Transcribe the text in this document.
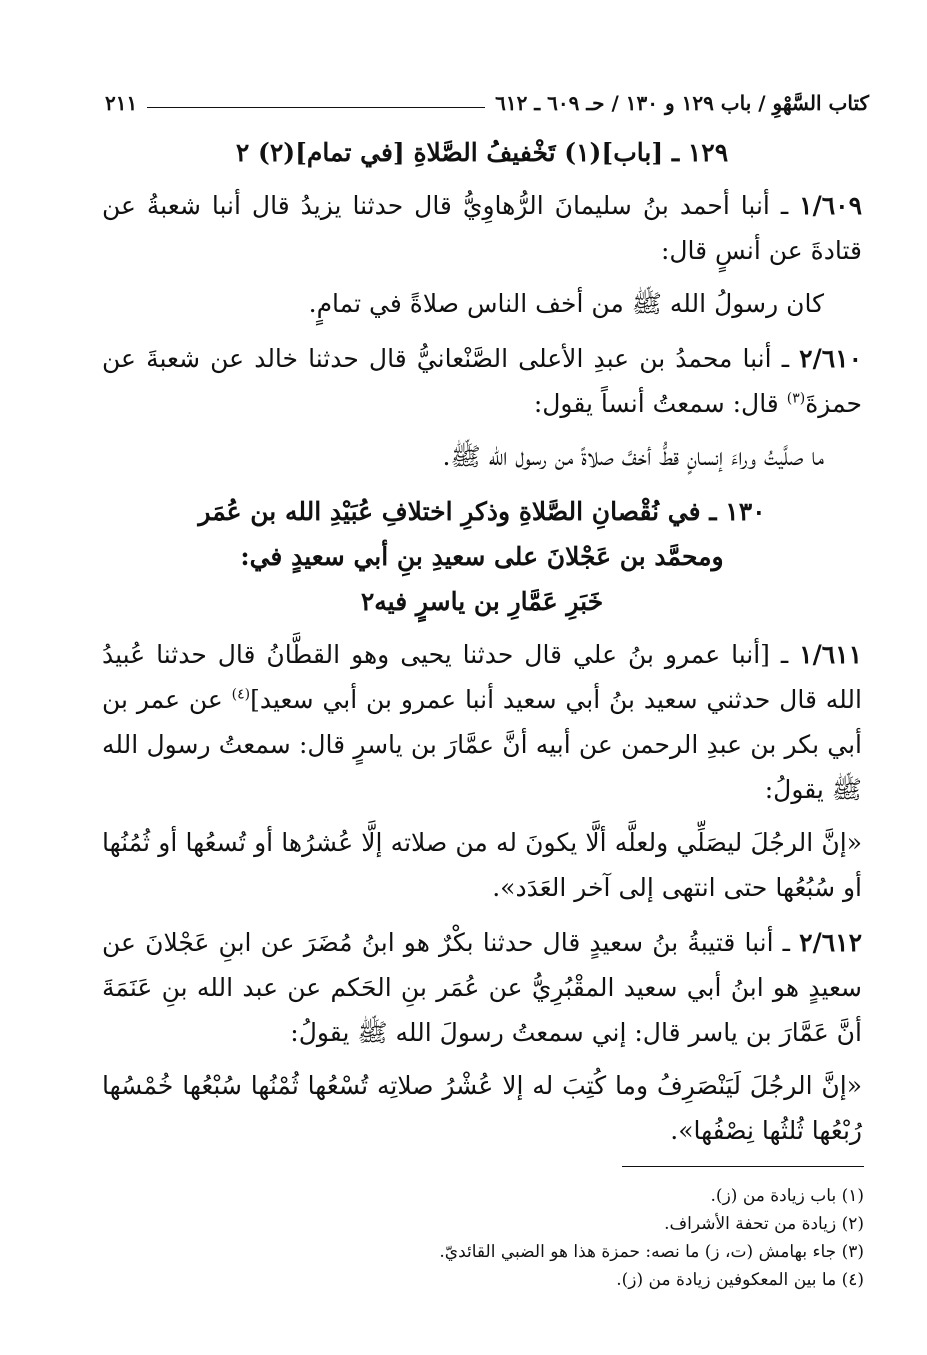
كتاب السَّهْوِ / باب ١٢٩ و ١٣٠ / حـ ٦٠٩ ـ ٦١٢
٢١١
١٢٩ ـ [باب](١) تَخْفيفُ الصَّلاةِ [في تمام](٢) ٢
١/٦٠٩ ـ أنبا أحمد بنُ سليمانَ الرُّهاوِيُّ قال حدثنا يزيدُ قال أنبا شعبةُ عن قتادةَ عن أنسٍ قال:
كان رسولُ الله ﷺ من أخف الناس صلاةً في تمامٍ.
٢/٦١٠ ـ أنبا محمدُ بن عبدِ الأعلى الصَّنْعانيُّ قال حدثنا خالد عن شعبةَ عن حمزةَ$^{(٣)}$ قال: سمعتُ أنساً يقول:
ما صلَّيتُ وراءَ إنسانٍ قطُّ أخفَّ صلاةً من رسول الله ﷺ.
١٣٠ ـ في نُقْصانِ الصَّلاةِ وذكرِ اختلافِ عُبَيْدِ الله بن عُمَر
ومحمَّد بن عَجْلانَ على سعيدِ بنِ أبي سعيدٍ في:
خَبَرِ عَمَّارِ بن ياسرٍ فيه٢
١/٦١١ ـ [أنبا عمرو بنُ علي قال حدثنا يحيى وهو القطَّانُ قال حدثنا عُبيدُ الله قال حدثني سعيد بنُ أبي سعيد أنبا عمرو بن أبي سعيد]$^{(٤)}$ عن عمر بن أبي بكر بن عبدِ الرحمن عن أبيه أنَّ عمَّارَ بن ياسرٍ قال: سمعتُ رسول الله ﷺ يقولُ:
«إنَّ الرجُلَ ليصَلِّي ولعلَّه ألَّا يكونَ له من صلاته إلَّا عُشرُها أو تُسعُها أو ثُمُنُها أو سُبُعُها حتى انتهى إلى آخر العَدَد».
٢/٦١٢ ـ أنبا قتيبةُ بنُ سعيدٍ قال حدثنا بكْرٌ هو ابنُ مُضَرَ عن ابنِ عَجْلانَ عن سعيدٍ هو ابنُ أبي سعيد المقْبُرِيُّ عن عُمَر بنِ الحَكم عن عبد الله بنِ عَنَمَةَ أنَّ عَمَّارَ بن ياسر قال: إني سمعتُ رسولَ الله ﷺ يقولُ:
«إنَّ الرجُلَ لَيَنْصَرِفُ وما كُتِبَ له إلا عُشْرُ صلاتِه تُسْعُها ثُمْنُها سُبْعُها خُمْسُها رُبْعُها ثُلثُها نِصْفُها».
(١) باب زيادة من (ز).
(٢) زيادة من تحفة الأشراف.
(٣) جاء بهامش (ت، ز) ما نصه: حمزة هذا هو الضبي القائديّ.
(٤) ما بين المعكوفين زيادة من (ز).
